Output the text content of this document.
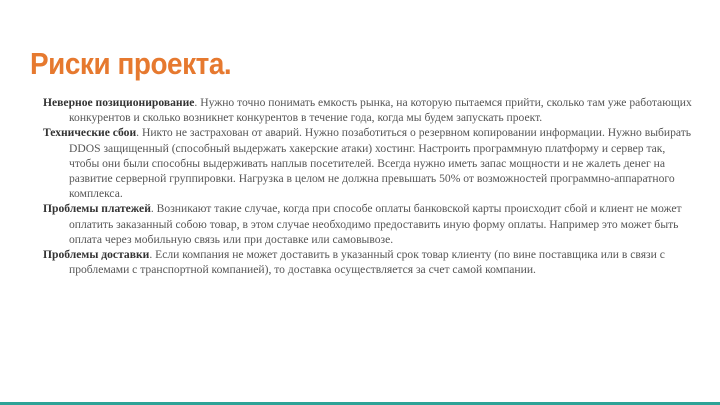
Риски проекта.

Неверное позиционирование. Нужно точно понимать емкость рынка, на которую пытаемся прийти, сколько там уже работающих конкурентов и сколько возникнет конкурентов в течение года, когда мы будем запускать проект.

Технические сбои. Никто не застрахован от аварий. Нужно позаботиться о резервном копировании информации. Нужно выбирать DDOS защищенный (способный выдержать хакерские атаки) хостинг. Настроить программную платформу и сервер так, чтобы они были способны выдерживать наплыв посетителей. Всегда нужно иметь запас мощности и не жалеть денег на развитие серверной группировки. Нагрузка в целом не должна превышать 50% от возможностей программно-аппаратного комплекса.

Проблемы платежей. Возникают такие случае, когда при способе оплаты банковской карты происходит сбой и клиент не может оплатить заказанный собою товар, в этом случае необходимо предоставить иную форму оплаты. Например это может быть оплата через мобильную связь или при доставке или самовывозе.

Проблемы доставки. Если компания не может доставить в указанный срок товар клиенту (по вине поставщика или в связи с проблемами с транспортной компанией), то доставка осуществляется за счет самой компании.
